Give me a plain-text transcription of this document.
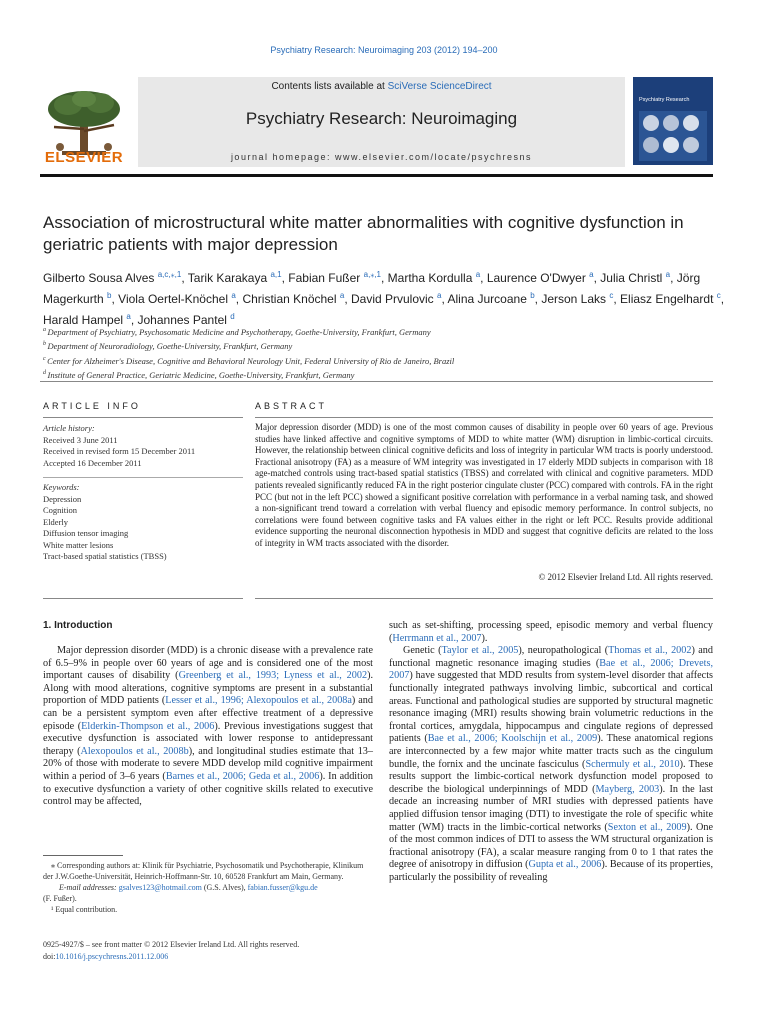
Psychiatry Research: Neuroimaging 203 (2012) 194–200
ELSEVIER
Contents lists available at SciVerse ScienceDirect
Psychiatry Research: Neuroimaging
journal homepage: www.elsevier.com/locate/psychresns
Psychiatry Research
Association of microstructural white matter abnormalities with cognitive dysfunction in geriatric patients with major depression
Gilberto Sousa Alves $^{a,c,⁎,1}$, Tarik Karakaya $^{a,1}$, Fabian Fußer $^{a,⁎,1}$, Martha Kordulla $^a$, Laurence O'Dwyer $^a$, Julia Christl $^a$, Jörg Magerkurth $^b$, Viola Oertel-Knöchel $^a$, Christian Knöchel $^a$, David Prvulovic $^a$, Alina Jurcoane $^b$, Jerson Laks $^c$, Eliasz Engelhardt $^c$, Harald Hampel $^a$, Johannes Pantel $^d$
$^a$ Department of Psychiatry, Psychosomatic Medicine and Psychotherapy, Goethe-University, Frankfurt, Germany
$^b$ Department of Neuroradiology, Goethe-University, Frankfurt, Germany
$^c$ Center for Alzheimer's Disease, Cognitive and Behavioral Neurology Unit, Federal University of Rio de Janeiro, Brazil
$^d$ Institute of General Practice, Geriatric Medicine, Goethe-University, Frankfurt, Germany
ARTICLE INFO
Article history:
Received 3 June 2011
Received in revised form 15 December 2011
Accepted 16 December 2011
Keywords:
Depression
Cognition
Elderly
Diffusion tensor imaging
White matter lesions
Tract-based spatial statistics (TBSS)
ABSTRACT
Major depression disorder (MDD) is one of the most common causes of disability in people over 60 years of age. Previous studies have linked affective and cognitive symptoms of MDD to white matter (WM) disruption in limbic-cortical circuits. However, the relationship between clinical cognitive deficits and loss of integrity in particular WM tracts is poorly understood. Fractional anisotropy (FA) as a measure of WM integrity was investigated in 17 elderly MDD subjects in comparison with 18 age-matched controls using tract-based spatial statistics (TBSS) and correlated with clinical and cognitive parameters. MDD patients revealed significantly reduced FA in the right posterior cingulate cluster (PCC) compared with controls. FA in the right PCC (but not in the left PCC) showed a significant positive correlation with performance in a verbal naming task, and showed a non-significant trend toward a correlation with verbal fluency and episodic memory performance. In control subjects, no correlations were found between cognitive tasks and FA values either in the right or left PCC. Results provide additional evidence supporting the neuronal disconnection hypothesis in MDD and suggest that cognitive deficits are related to the loss of integrity in WM tracts associated with the disorder.
© 2012 Elsevier Ireland Ltd. All rights reserved.
1. Introduction
Major depression disorder (MDD) is a chronic disease with a prevalence rate of 6.5–9% in people over 60 years of age and is considered one of the most important causes of disability (Greenberg et al., 1993; Lyness et al., 2002). Along with mood alterations, cognitive symptoms are present in a substantial proportion of MDD patients (Lesser et al., 1996; Alexopoulos et al., 2008a) and can be a persistent symptom even after effective treatment of a depressive episode (Elderkin-Thompson et al., 2006). Previous investigations suggest that executive dysfunction is associated with lower response to antidepressant therapy (Alexopoulos et al., 2008b), and longitudinal studies estimate that 13–20% of those with moderate to severe MDD develop mild cognitive impairment within a period of 3–6 years (Barnes et al., 2006; Geda et al., 2006). In addition to executive dysfunction a variety of other cognitive skills related to executive control may be affected,
such as set-shifting, processing speed, episodic memory and verbal fluency (Herrmann et al., 2007).
Genetic (Taylor et al., 2005), neuropathological (Thomas et al., 2002) and functional magnetic resonance imaging studies (Bae et al., 2006; Drevets, 2007) have suggested that MDD results from system-level disorder that affects functionally integrated pathways involving limbic, subcortical and cortical areas. Functional and pathological studies are supported by structural magnetic resonance imaging (MRI) results showing brain volumetric reductions in the frontal cortices, amygdala, hippocampus and cingulate regions of depressed patients (Bae et al., 2006; Koolschijn et al., 2009). These anatomical regions are interconnected by a few major white matter tracts such as the cingulum bundle, the fornix and the uncinate fasciculus (Schermuly et al., 2010). These results support the limbic-cortical network dysfunction model proposed to describe the biological underpinnings of MDD (Mayberg, 2003). In the last decade an increasing number of MRI studies with depressed patients have applied diffusion tensor imaging (DTI) to investigate the role of specific white matter (WM) tracts in the limbic-cortical networks (Sexton et al., 2009). One of the most common indices of DTI to assess the WM structural organization is fractional anisotropy (FA), a scalar measure ranging from 0 to 1 that rates the degree of anisotropy in diffusion (Gupta et al., 2006). Because of its properties, particularly the possibility of revealing
⁎ Corresponding authors at: Klinik für Psychiatrie, Psychosomatik und Psychotherapie, Klinikum der J.W.Goethe-Universität, Heinrich-Hoffmann-Str. 10, 60528 Frankfurt am Main, Germany.
E-mail addresses: gsalves123@hotmail.com (G.S. Alves), fabian.fusser@kgu.de
(F. Fußer).
¹ Equal contribution.
0925-4927/$ – see front matter © 2012 Elsevier Ireland Ltd. All rights reserved.
doi:10.1016/j.pscychresns.2011.12.006
